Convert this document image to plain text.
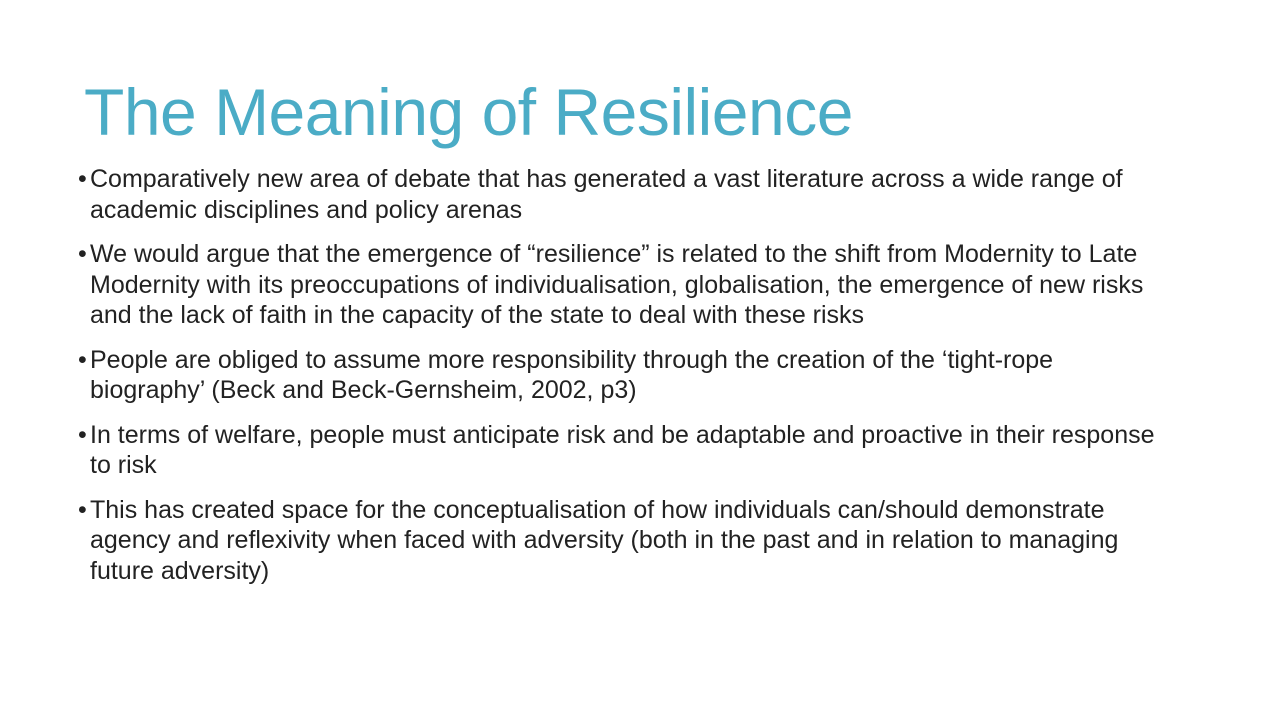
The Meaning of Resilience
• Comparatively new area of debate that has generated a vast literature across a wide range of academic disciplines and policy arenas
• We would argue that the emergence of “resilience” is related to the shift from Modernity to Late Modernity with its preoccupations of individualisation, globalisation, the emergence of new risks and the lack of faith in the capacity of the state to deal with these risks
• People are obliged to assume more responsibility through the creation of the ‘tight-rope biography’ (Beck and Beck-Gernsheim, 2002, p3)
• In terms of welfare, people must anticipate risk and be adaptable and proactive in their response to risk
• This has created space for the conceptualisation of how individuals can/should demonstrate agency and reflexivity when faced with adversity (both in the past and in relation to managing future adversity)
